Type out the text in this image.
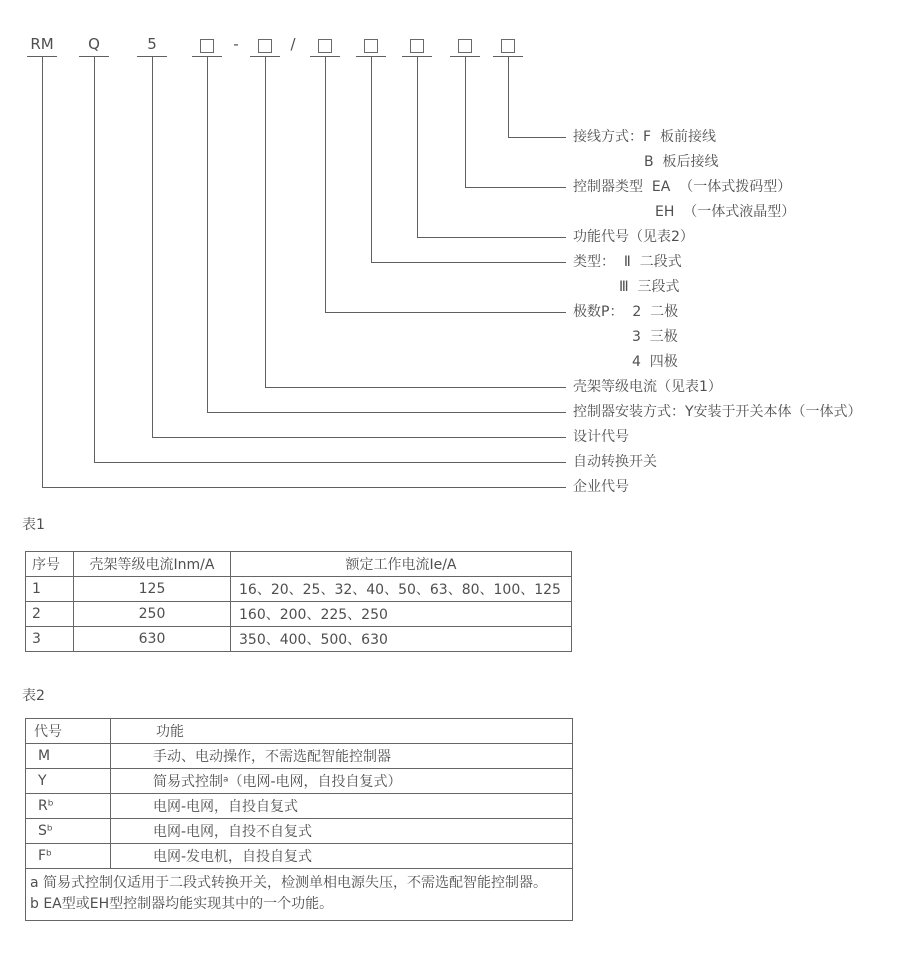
RM Q	5	-	/
接线方式：F  板前接线
B  板后接线
控制器类型  EA  （一体式拨码型）
EH  （一体式液晶型）
功能代号（见表2）
类型：  Ⅱ  二段式
Ⅲ  三段式
极数P：  2  二极
3  三极
4  四极
壳架等级电流（见表1）
控制器安装方式：Y安装于开关本体（一体式）
设计代号
自动转换开关
企业代号
表1
序号	壳架等级电流Inm/A	额定工作电流Ie/A
1	125	16、20、25、32、40、50、63、80、100、125
2	250	160、200、225、250
3	630	350、400、500、630
表2
代号	功能
M	手动、电动操作，不需选配智能控制器
Y	简易式控制ᵃ（电网-电网，自投自复式）
Rᵇ	电网-电网，自投自复式
Sᵇ	电网-电网，自投不自复式
Fᵇ	电网-发电机，自投自复式

a 简易式控制仅适用于二段式转换开关，检测单相电源失压，不需选配智能控制器。
b EA型或EH型控制器均能实现其中的一个功能。	
